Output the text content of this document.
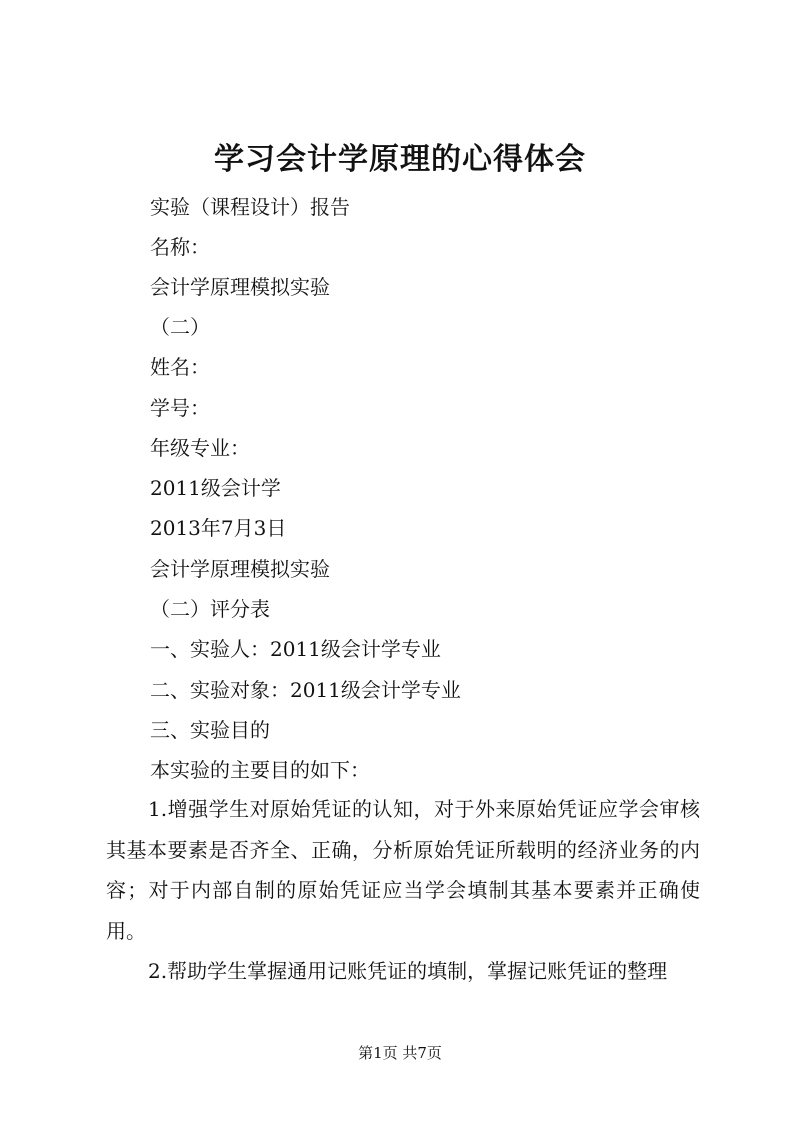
学习会计学原理的心得体会
实验（课程设计）报告
名称：
会计学原理模拟实验
（二）
姓名：
学号：
年级专业：
2011级会计学
2013年7月3日
会计学原理模拟实验
（二）评分表
一、实验人：2011级会计学专业
二、实验对象：2011级会计学专业
三、实验目的
本实验的主要目的如下：
1.增强学生对原始凭证的认知，对于外来原始凭证应学会审核其基本要素是否齐全、正确，分析原始凭证所载明的经济业务的内容；对于内部自制的原始凭证应当学会填制其基本要素并正确使用。
2.帮助学生掌握通用记账凭证的填制，掌握记账凭证的整理
第1页 共7页
